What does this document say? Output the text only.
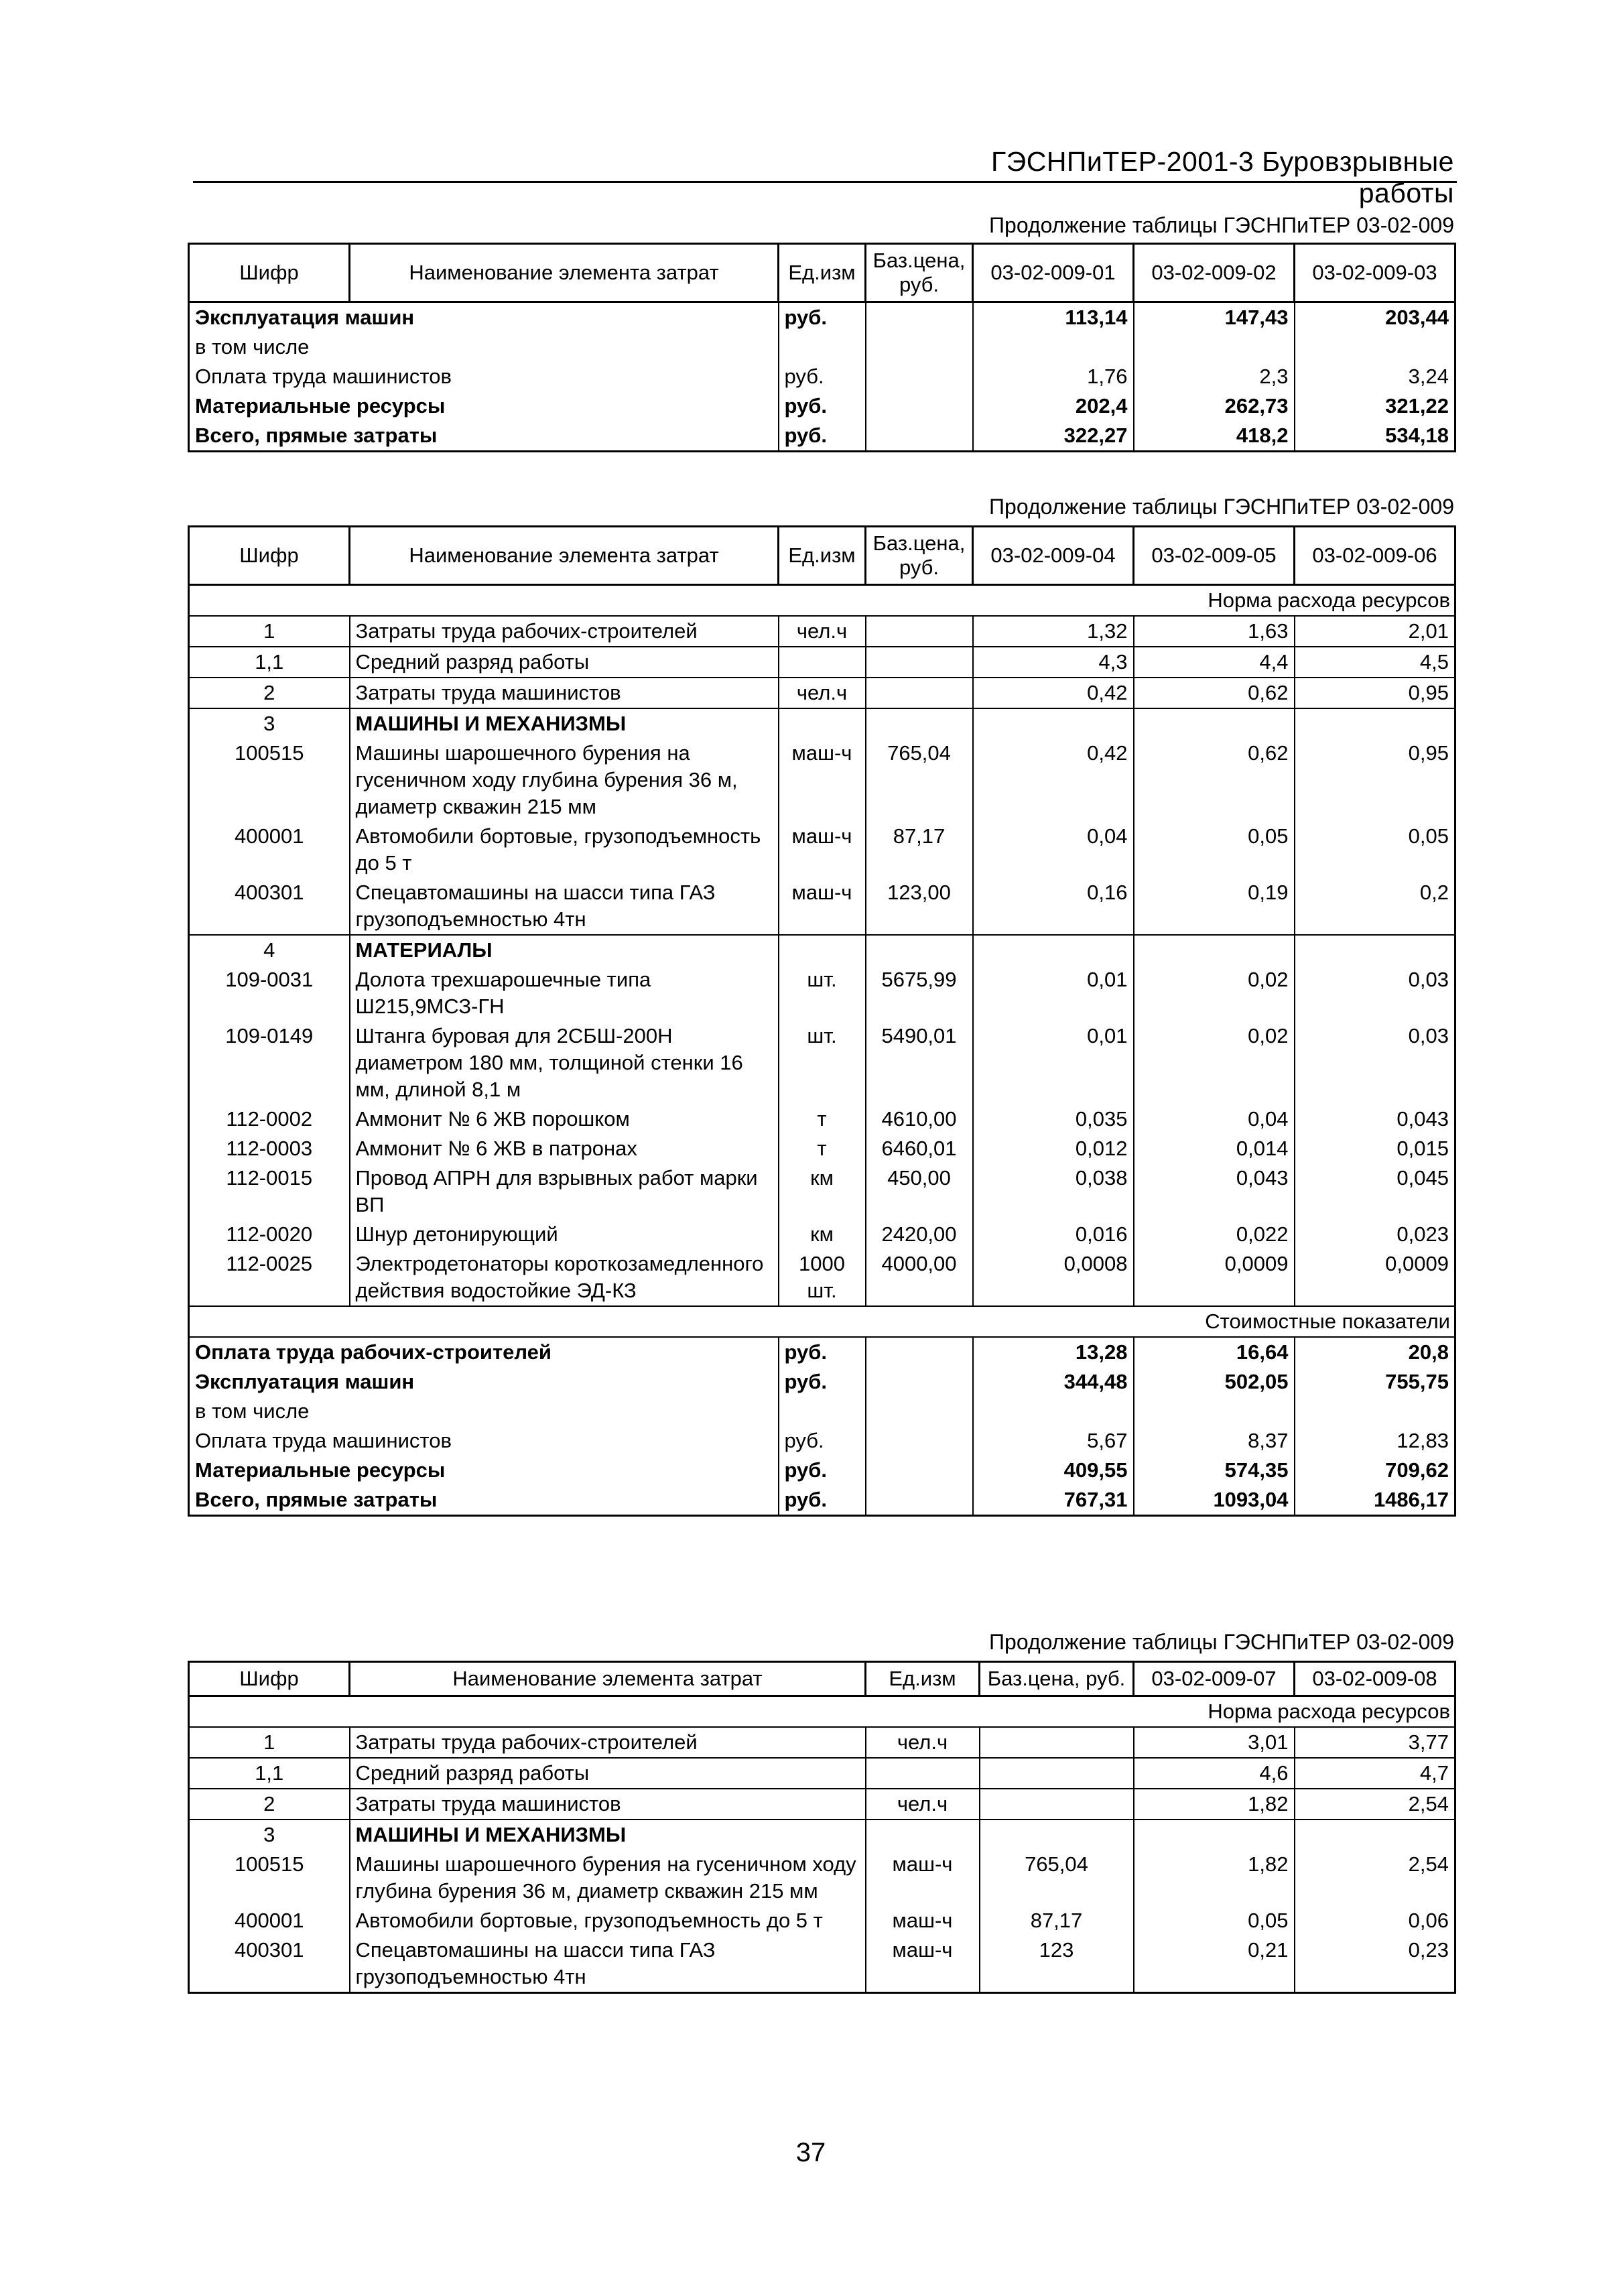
ГЭСНПиТЕР-2001-3 Буровзрывные работы
Продолжение таблицы ГЭСНПиТЕР 03-02-009
Шифр	Наименование элемента затрат	Ед.изм	Баз.цена, руб.	03-02-009-01	03-02-009-02	03-02-009-03
Эксплуатация машин		руб.		113,14	147,43	203,44
в том числе						
Оплата труда машинистов		руб.		1,76	2,3	3,24
Материальные ресурсы		руб.		202,4	262,73	321,22
Всего, прямые затраты		руб.		322,27	418,2	534,18
Продолжение таблицы ГЭСНПиТЕР 03-02-009
Шифр	Наименование элемента затрат	Ед.изм	Баз.цена, руб.	03-02-009-04	03-02-009-05	03-02-009-06
Норма расхода ресурсов						
1	Затраты труда рабочих-строителей	чел.ч		1,32	1,63	2,01
1,1	Средний разряд работы			4,3	4,4	4,5
2	Затраты труда машинистов	чел.ч		0,42	0,62	0,95
3	МАШИНЫ И МЕХАНИЗМЫ					
100515	Машины шарошечного бурения на гусеничном ходу глубина бурения 36 м, диаметр скважин 215 мм	маш-ч	765,04	0,42	0,62	0,95
400001	Автомобили бортовые, грузоподъемность до 5 т	маш-ч	87,17	0,04	0,05	0,05
400301	Спецавтомашины на шасси типа ГАЗ грузоподъемностью 4тн	маш-ч	123,00	0,16	0,19	0,2
4	МАТЕРИАЛЫ					
109-0031	Долота трехшарошечные типа Ш215,9МСЗ-ГН	шт.	5675,99	0,01	0,02	0,03
109-0149	Штанга буровая для 2СБШ-200Н диаметром 180 мм, толщиной стенки 16 мм, длиной 8,1 м	шт.	5490,01	0,01	0,02	0,03
112-0002	Аммонит № 6 ЖВ порошком	т	4610,00	0,035	0,04	0,043
112-0003	Аммонит № 6 ЖВ в патронах	т	6460,01	0,012	0,014	0,015
112-0015	Провод АПРН для взрывных работ марки ВП	км	450,00	0,038	0,043	0,045
112-0020	Шнур детонирующий	км	2420,00	0,016	0,022	0,023
112-0025	Электродетонаторы короткозамедленного действия водостойкие ЭД-КЗ	1000 шт.	4000,00	0,0008	0,0009	0,0009
Стоимостные показатели						
Оплата труда рабочих-строителей		руб.		13,28	16,64	20,8
Эксплуатация машин		руб.		344,48	502,05	755,75
в том числе						
Оплата труда машинистов		руб.		5,67	8,37	12,83
Материальные ресурсы		руб.		409,55	574,35	709,62
Всего, прямые затраты		руб.		767,31	1093,04	1486,17
Продолжение таблицы ГЭСНПиТЕР 03-02-009
Шифр	Наименование элемента затрат	Ед.изм	Баз.цена, руб.	03-02-009-07	03-02-009-08
Норма расхода ресурсов					
1	Затраты труда рабочих-строителей	чел.ч		3,01	3,77
1,1	Средний разряд работы			4,6	4,7
2	Затраты труда машинистов	чел.ч		1,82	2,54
3	МАШИНЫ И МЕХАНИЗМЫ				
100515	Машины шарошечного бурения на гусеничном ходу глубина бурения 36 м, диаметр скважин 215 мм	маш-ч	765,04	1,82	2,54
400001	Автомобили бортовые, грузоподъемность до 5 т	маш-ч	87,17	0,05	0,06
400301	Спецавтомашины на шасси типа ГАЗ грузоподъемностью 4тн	маш-ч	123	0,21	0,23
37
